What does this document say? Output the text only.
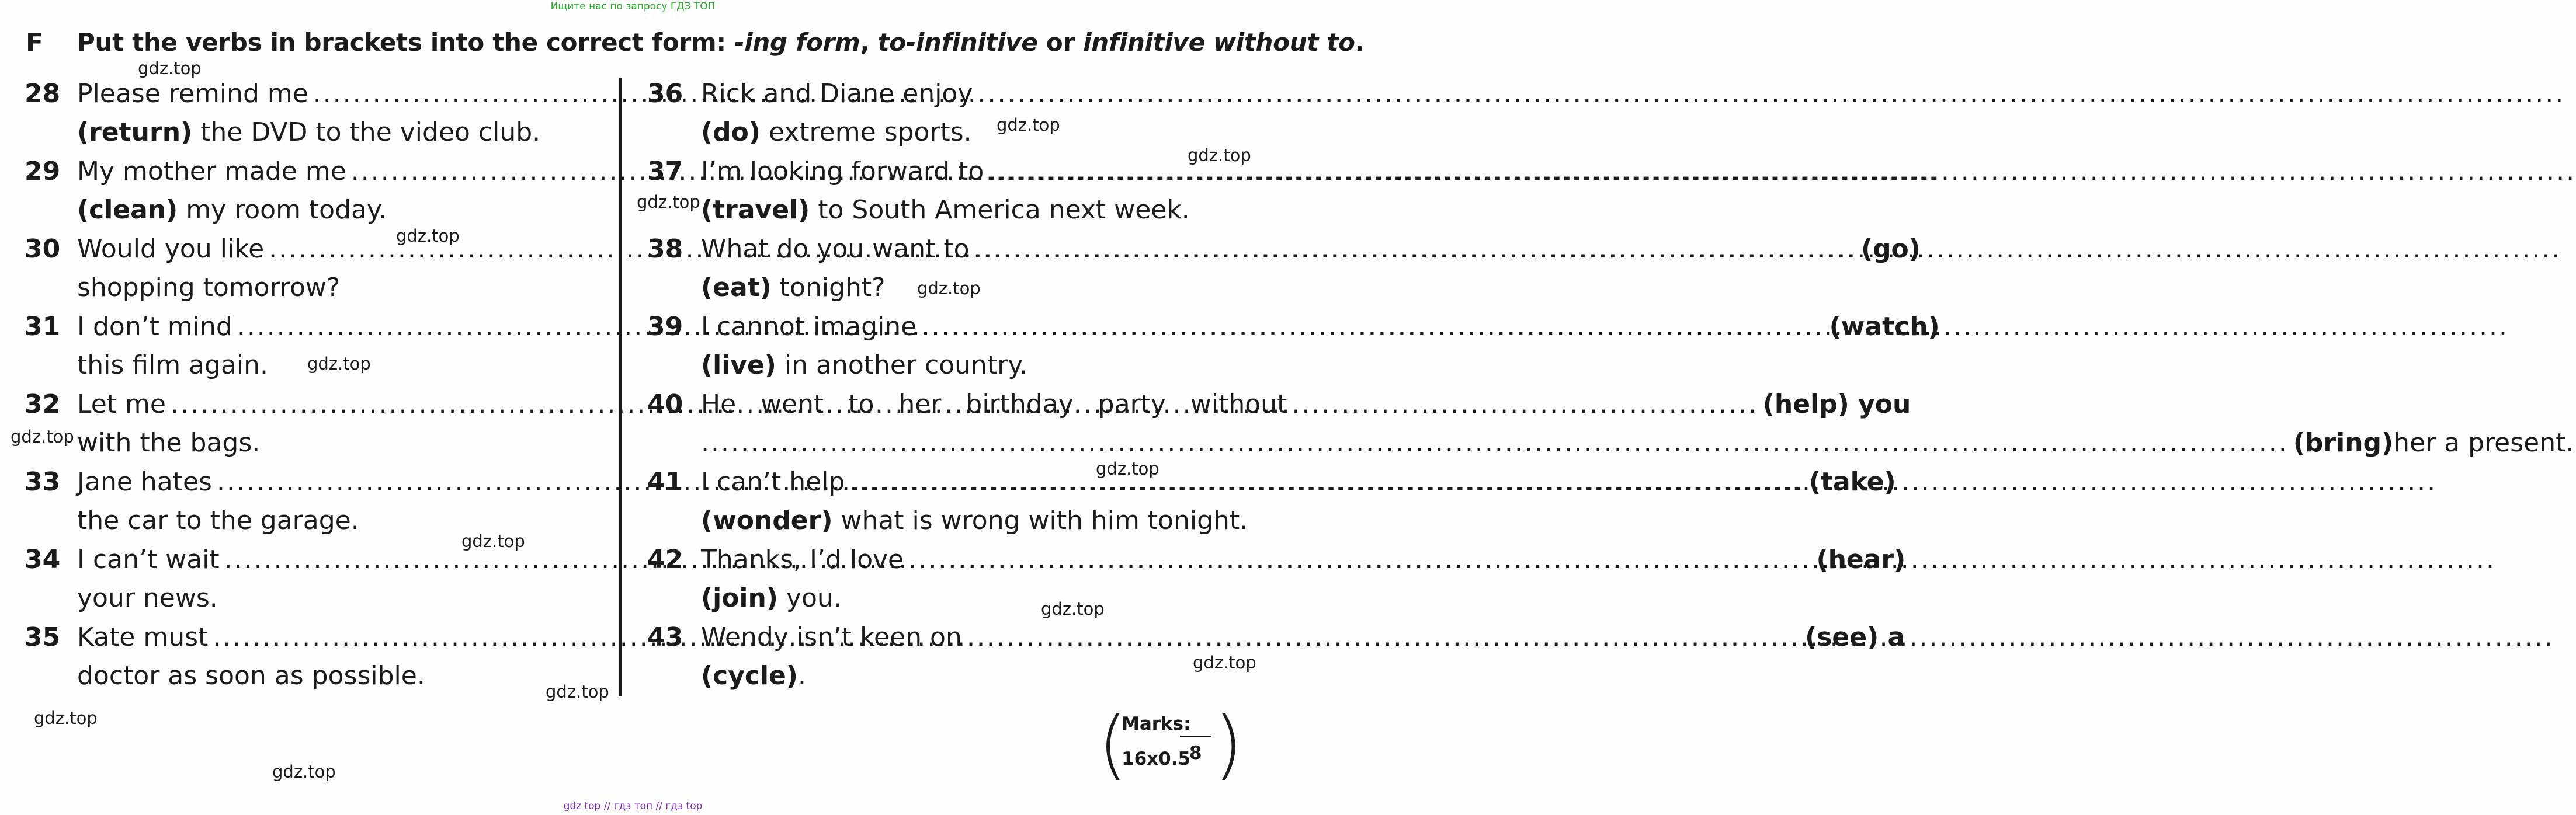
Ищите нас по запросу ГДЗ ТОП
gdz top // гдз топ // гдз top
F Put the verbs in brackets into the correct form: -ing form, to-infinitive or infinitive without to.
28 Please remind me
.....
(return) the DVD to the video club.
29 My mother made me
.....
(clean) my room today.
30 Would you like .....	(go)
shopping tomorrow?
31 I don’t mind .....	(watch)
this film again.
32 Let me .....	(help) you
with the bags.
33 Jane hates .....	(take)
the car to the garage.
34 I can’t wait .....	(hear)
your news.
35 Kate must .....	(see) a
doctor as soon as possible.
36 Rick and Diane enjoy
.....
(do) extreme sports.
37 I’m looking forward to
.....
(travel) to South America next week.
38 What do you want to
.....
(eat) tonight?
39 I cannot imagine
.....
(live) in another country.
40 He   went   to   her   birthday   party   without
.....
(bring) her a present.
41 I can’t help
.....
(wonder) what is wrong with him tonight.
42 Thanks, I’d love
.....
(join) you.
43 Wendy isn’t keen on
.....
(cycle).
(
Marks:
16x0.5
8 )
gdz.top
gdz.top
gdz.top
gdz.top
gdz.top
gdz.top
gdz.top
gdz.top
gdz.top
gdz.top
gdz.top
gdz.top
gdz.top
gdz.top
gdz.top
